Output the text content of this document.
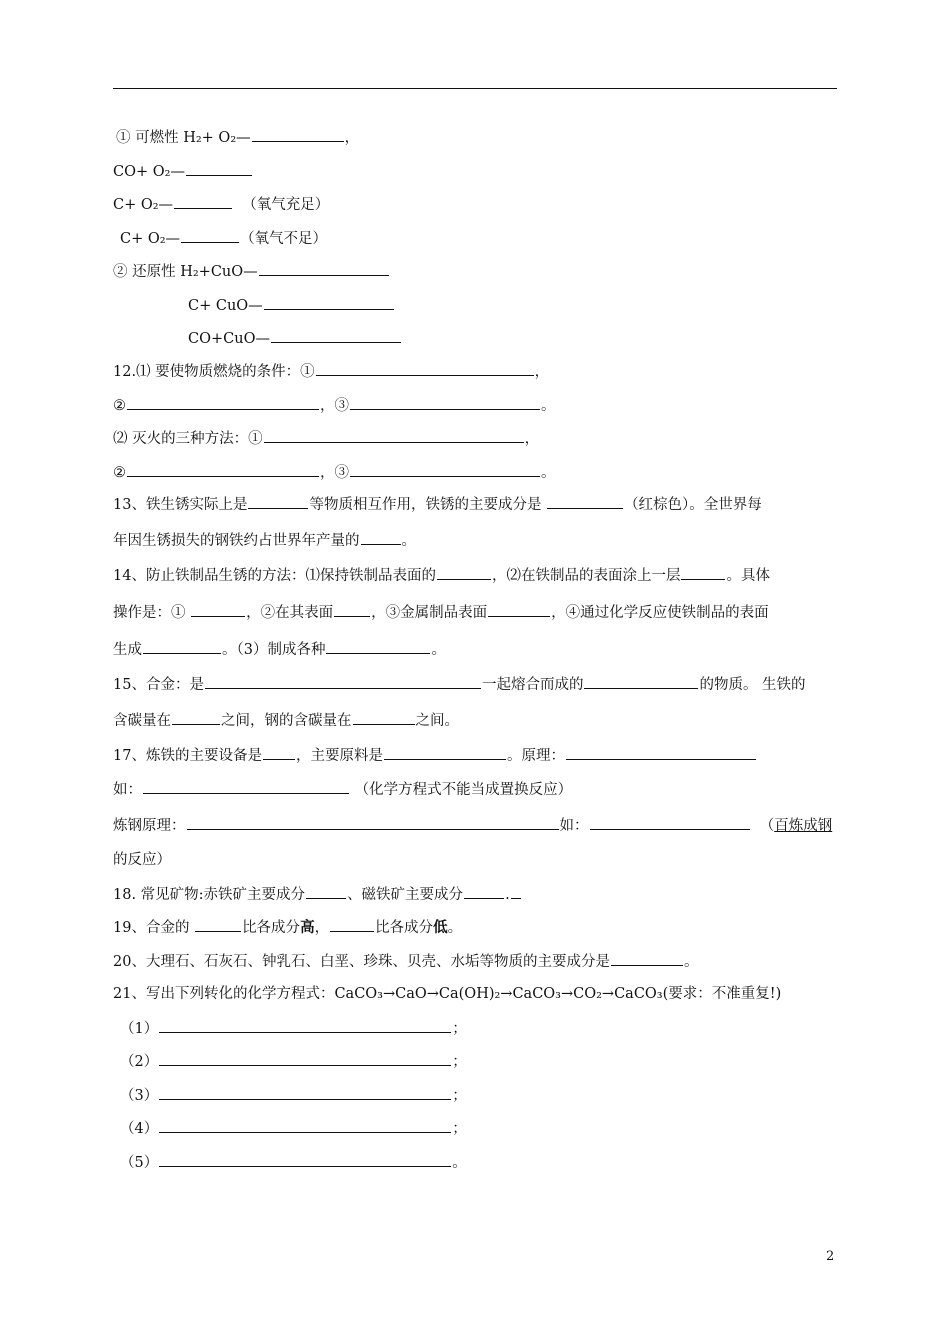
① 可燃性 H₂+ O₂—	，
CO+ O₂—
C+ O₂—	（氧气充足）
C+ O₂—	（氧气不足）
② 还原性 H₂+CuO—
C+ CuO—
CO+CuO—
12.⑴ 要使物质燃烧的条件：①	，
②	，③	。
⑵ 灭火的三种方法：①	，
②	，③	。
13、铁生锈实际上是	等物质相互作用，铁锈的主要成分是	（红棕色）。全世界每
年因生锈损失的钢铁约占世界年产量的	。
14、防止铁制品生锈的方法：⑴保持铁制品表面的	，⑵在铁制品的表面涂上一层	。具体
操作是：①	，②在其表面	，③金属制品表面	，④通过化学反应使铁制品的表面
生成	。（3）制成各种	。
15、合金：是	一起熔合而成的	的物质。 生铁的
含碳量在	之间，钢的含碳量在	之间。
17、炼铁的主要设备是 ，主要原料是	。原理：
如：	（化学方程式不能当成置换反应）
炼钢原理：	如：	（百炼成钢
的反应）
18. 常见矿物:赤铁矿主要成分	、磁铁矿主要成分	.
19、合金的	比各成分高，	比各成分低。
20、大理石、石灰石、钟乳石、白垩、珍珠、贝壳、水垢等物质的主要成分是	。
21、写出下列转化的化学方程式：CaCO₃→CaO→Ca(OH)₂→CaCO₃→CO₂→CaCO₃(要求：不准重复!)
（1）	；
（2）	；
（3）	；
（4）	；
（5）	。
2
